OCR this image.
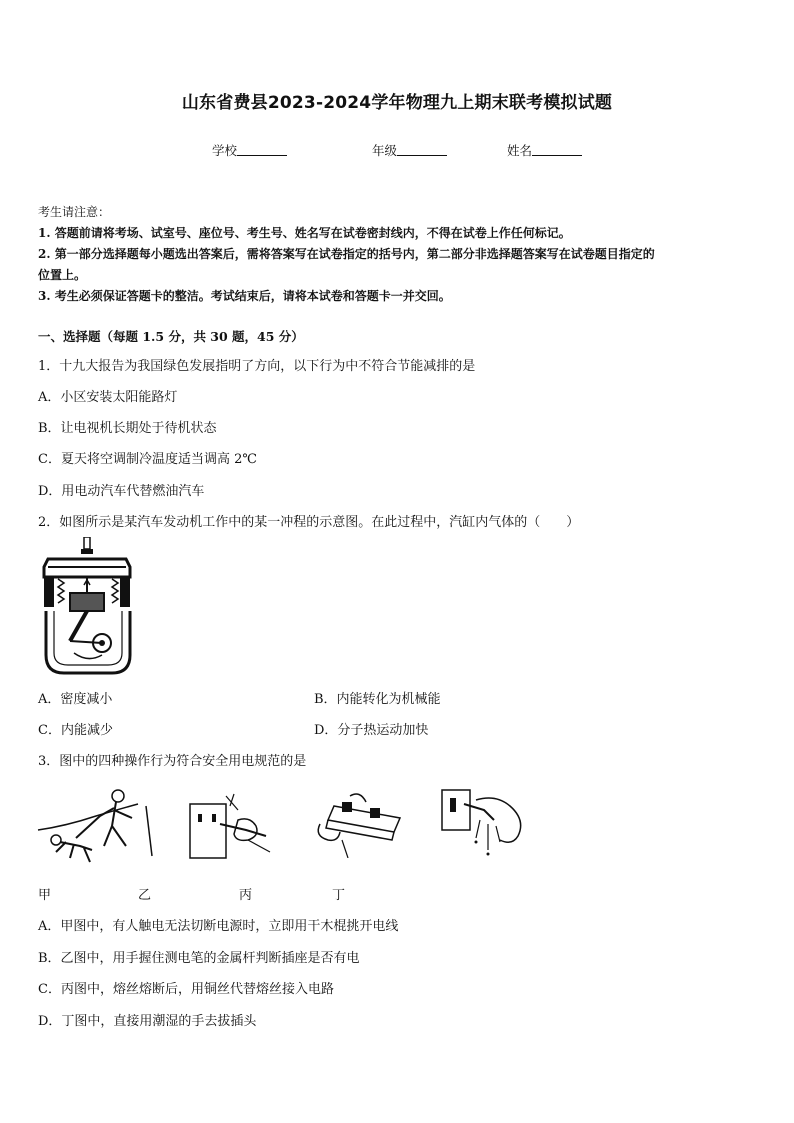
山东省费县2023-2024学年物理九上期末联考模拟试题
学校	年级	姓名
考生请注意：
1. 答题前请将考场、试室号、座位号、考生号、姓名写在试卷密封线内，不得在试卷上作任何标记。
2. 第一部分选择题每小题选出答案后，需将答案写在试卷指定的括号内，第二部分非选择题答案写在试卷题目指定的
位置上。
3. 考生必须保证答题卡的整洁。考试结束后，请将本试卷和答题卡一并交回。
一、选择题（每题 1.5 分，共 30 题，45 分）
1．十九大报告为我国绿色发展指明了方向，以下行为中不符合节能减排的是
A．小区安装太阳能路灯
B．让电视机长期处于待机状态
C．夏天将空调制冷温度适当调高 2℃
D．用电动汽车代替燃油汽车
2．如图所示是某汽车发动机工作中的某一冲程的示意图。在此过程中，汽缸内气体的（　　）
A．密度减小	B．内能转化为机械能
C．内能减少	D．分子热运动加快
3．图中的四种操作行为符合安全用电规范的是
甲	乙	丙	丁
A．甲图中，有人触电无法切断电源时，立即用干木棍挑开电线
B．乙图中，用手握住测电笔的金属杆判断插座是否有电
C．丙图中，熔丝熔断后，用铜丝代替熔丝接入电路
D．丁图中，直接用潮湿的手去拔插头
